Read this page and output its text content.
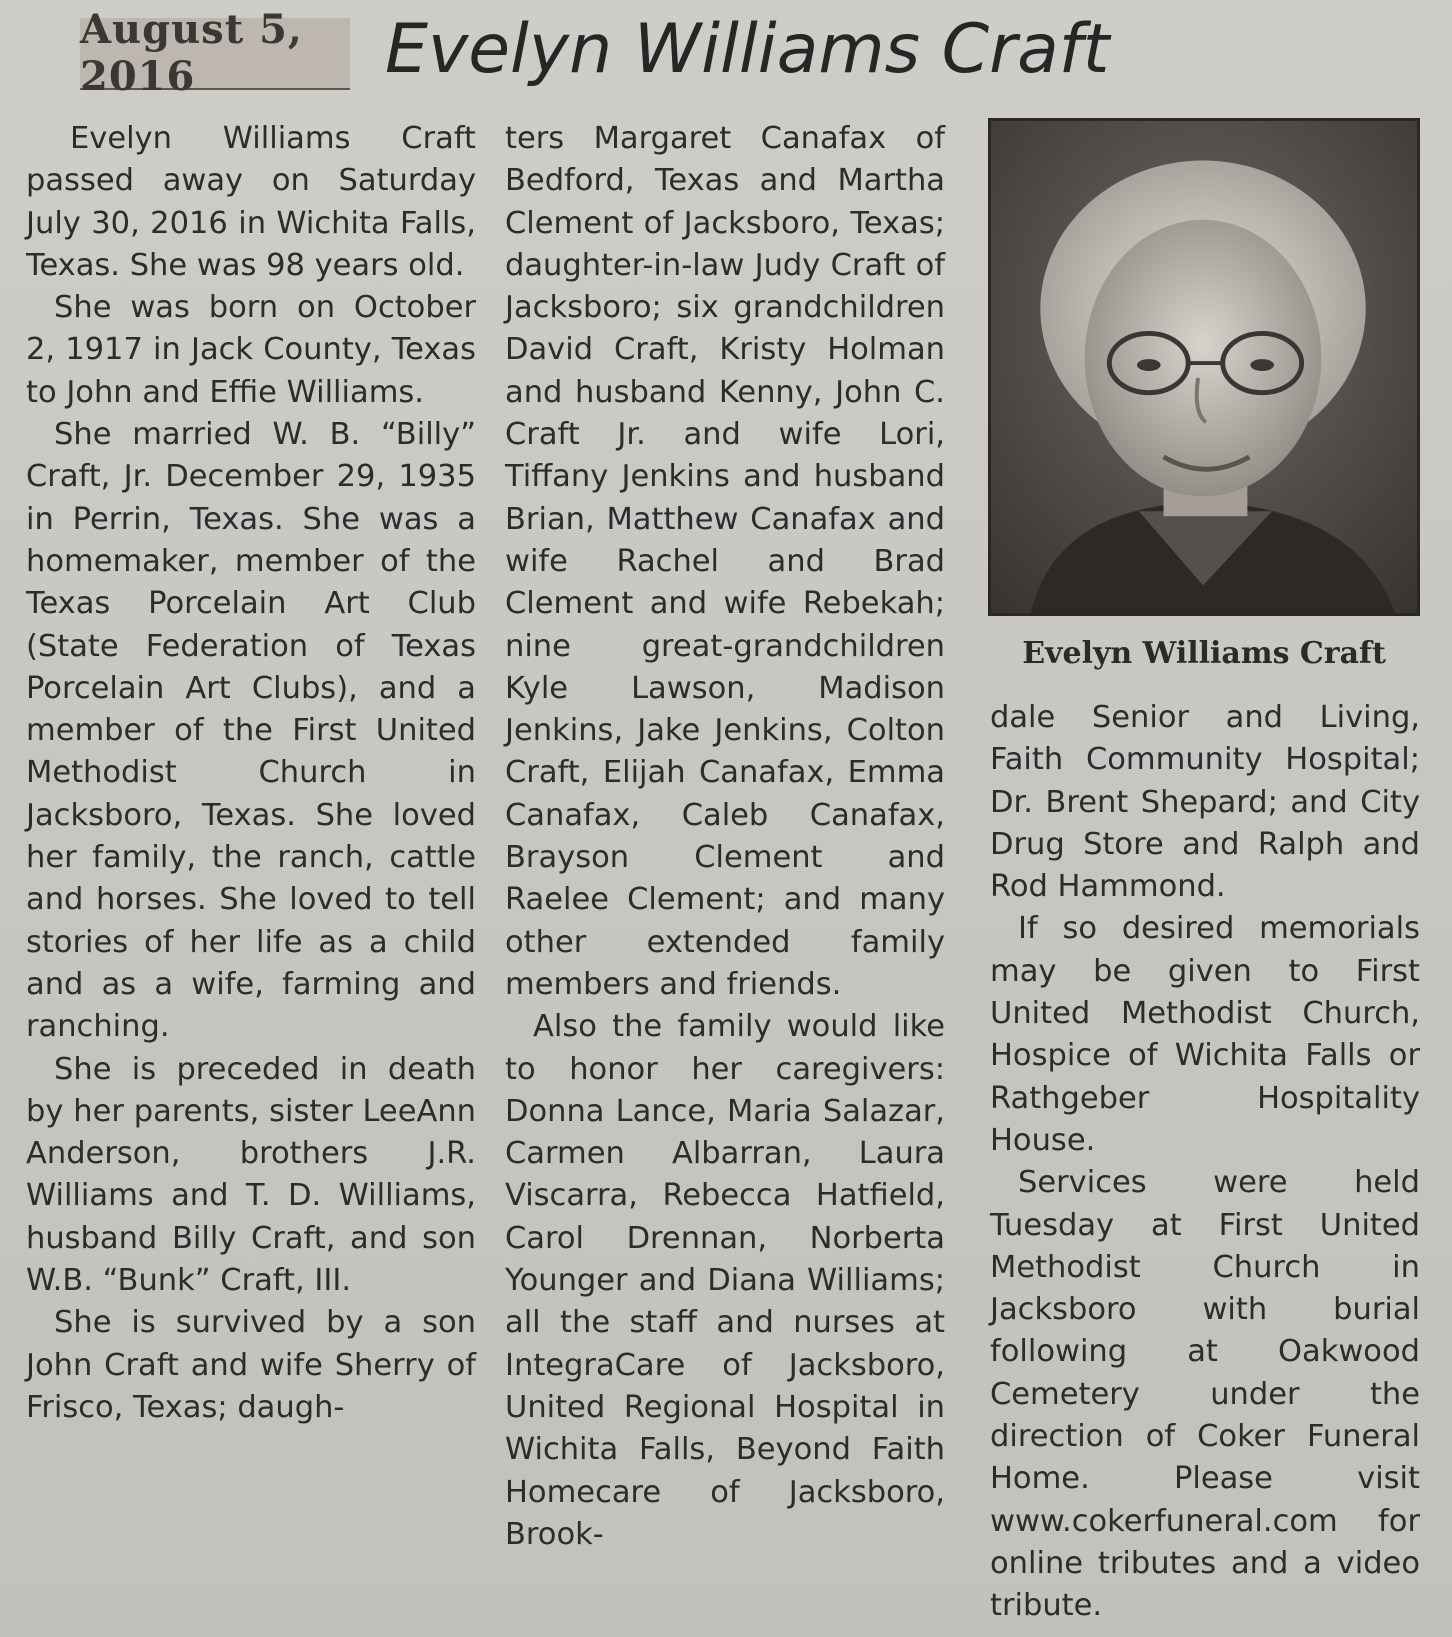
August 5, 2016	Evelyn Williams Craft

Evelyn Williams Craft passed away on Saturday July 30, 2016 in Wichita Falls, Texas. She was 98 years old.

She was born on October 2, 1917 in Jack County, Texas to John and Effie Williams.

She married W. B. “Billy” Craft, Jr. December 29, 1935 in Perrin, Texas. She was a homemaker, member of the Texas Porcelain Art Club (State Federation of Texas Porcelain Art Clubs), and a member of the First United Methodist Church in Jacksboro, Texas. She loved her family, the ranch, cattle and horses. She loved to tell stories of her life as a child and as a wife, farming and ranching.

She is preceded in death by her parents, sister LeeAnn Anderson, brothers J.R. Williams and T. D. Williams, husband Billy Craft, and son W.B. “Bunk” Craft, III.

She is survived by a son John Craft and wife Sherry of Frisco, Texas; daugh-

ters Margaret Canafax of Bedford, Texas and Martha Clement of Jacksboro, Texas; daughter-in-law Judy Craft of Jacksboro; six grandchildren David Craft, Kristy Holman and husband Kenny, John C. Craft Jr. and wife Lori, Tiffany Jenkins and husband Brian, Matthew Canafax and wife Rachel and Brad Clement and wife Rebekah; nine great-grandchildren Kyle Lawson, Madison Jenkins, Jake Jenkins, Colton Craft, Elijah Canafax, Emma Canafax, Caleb Canafax, Brayson Clement and Raelee Clement; and many other extended family members and friends.

Also the family would like to honor her caregivers: Donna Lance, Maria Salazar, Carmen Albarran, Laura Viscarra, Rebecca Hatfield, Carol Drennan, Norberta Younger and Diana Williams; all the staff and nurses at IntegraCare of Jacksboro, United Regional Hospital in Wichita Falls, Beyond Faith Homecare of Jacksboro, Brook-

Evelyn Williams Craft

dale Senior and Living, Faith Community Hospital; Dr. Brent Shepard; and City Drug Store and Ralph and Rod Hammond.

If so desired memorials may be given to First United Methodist Church, Hospice of Wichita Falls or Rathgeber Hospitality House.

Services were held Tuesday at First United Methodist Church in Jacksboro with burial following at Oakwood Cemetery under the direction of Coker Funeral Home. Please visit www.cokerfuneral.com for online tributes and a video tribute.
